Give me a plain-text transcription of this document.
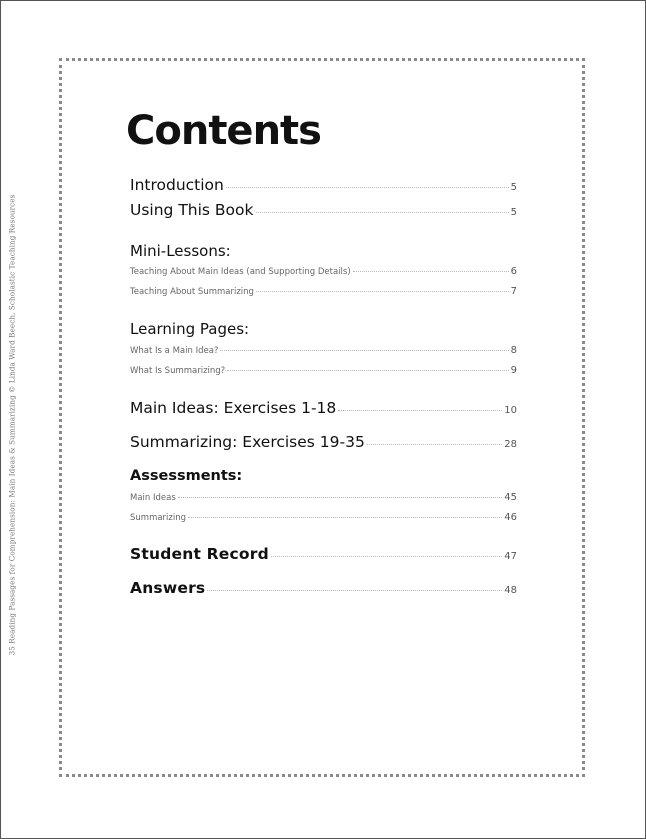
35 Reading Passages for Comprehension: Main Ideas & Summarizing © Linda Ward Beech, Scholastic Teaching Resources
Contents
Introduction	5
Using This Book	5
Mini-Lessons:
Teaching About Main Ideas (and Supporting Details)	6
Teaching About Summarizing	7
Learning Pages:
What Is a Main Idea?	8
What Is Summarizing?	9
Main Ideas: Exercises 1-18	10
Summarizing: Exercises 19-35	28
Assessments:
Main Ideas	45
Summarizing	46
Student Record	47
Answers	48
